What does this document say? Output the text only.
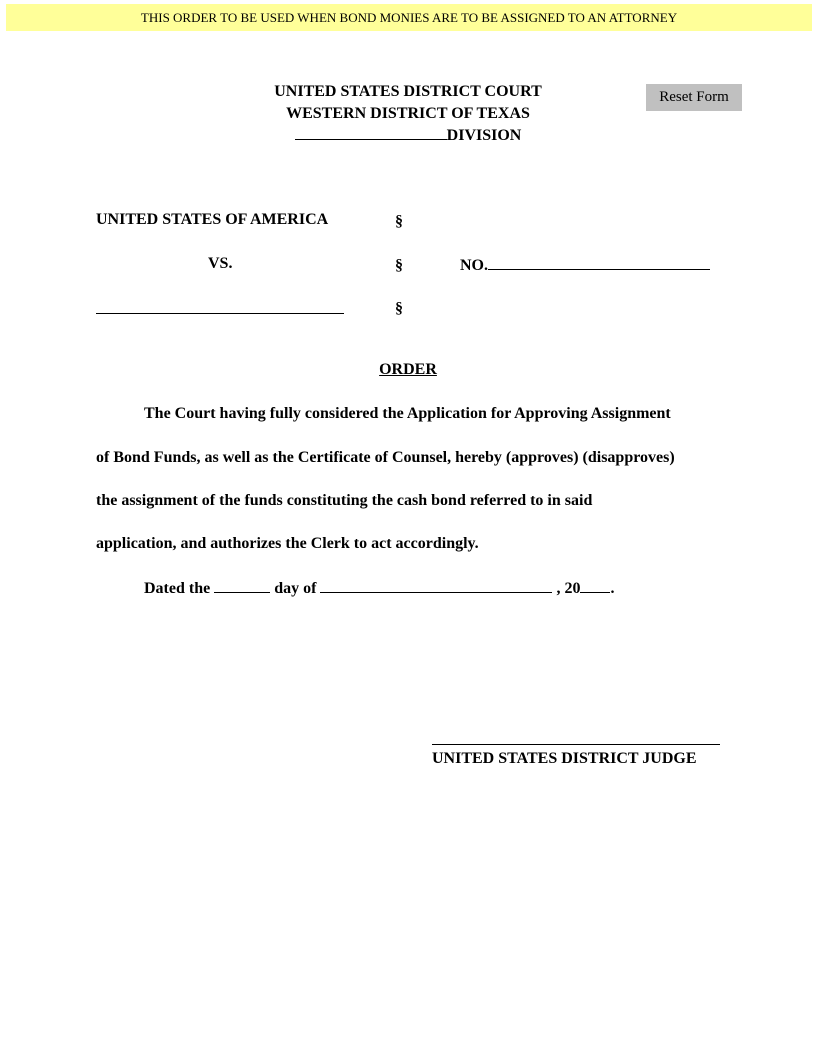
THIS ORDER TO BE USED WHEN BOND MONIES ARE TO BE ASSIGNED TO AN ATTORNEY
Reset Form
UNITED STATES DISTRICT COURT
WESTERN DISTRICT OF TEXAS
DIVISION
UNITED STATES OF AMERICA	§
VS.	§	NO.
§
ORDER
The Court having fully considered the Application for Approving Assignment
of Bond Funds, as well as the Certificate of Counsel, hereby (approves) (disapproves)
the assignment of the funds constituting the cash bond referred to in said
application, and authorizes the Clerk to act accordingly.
Dated the	day of	, 20 .
UNITED STATES DISTRICT JUDGE
